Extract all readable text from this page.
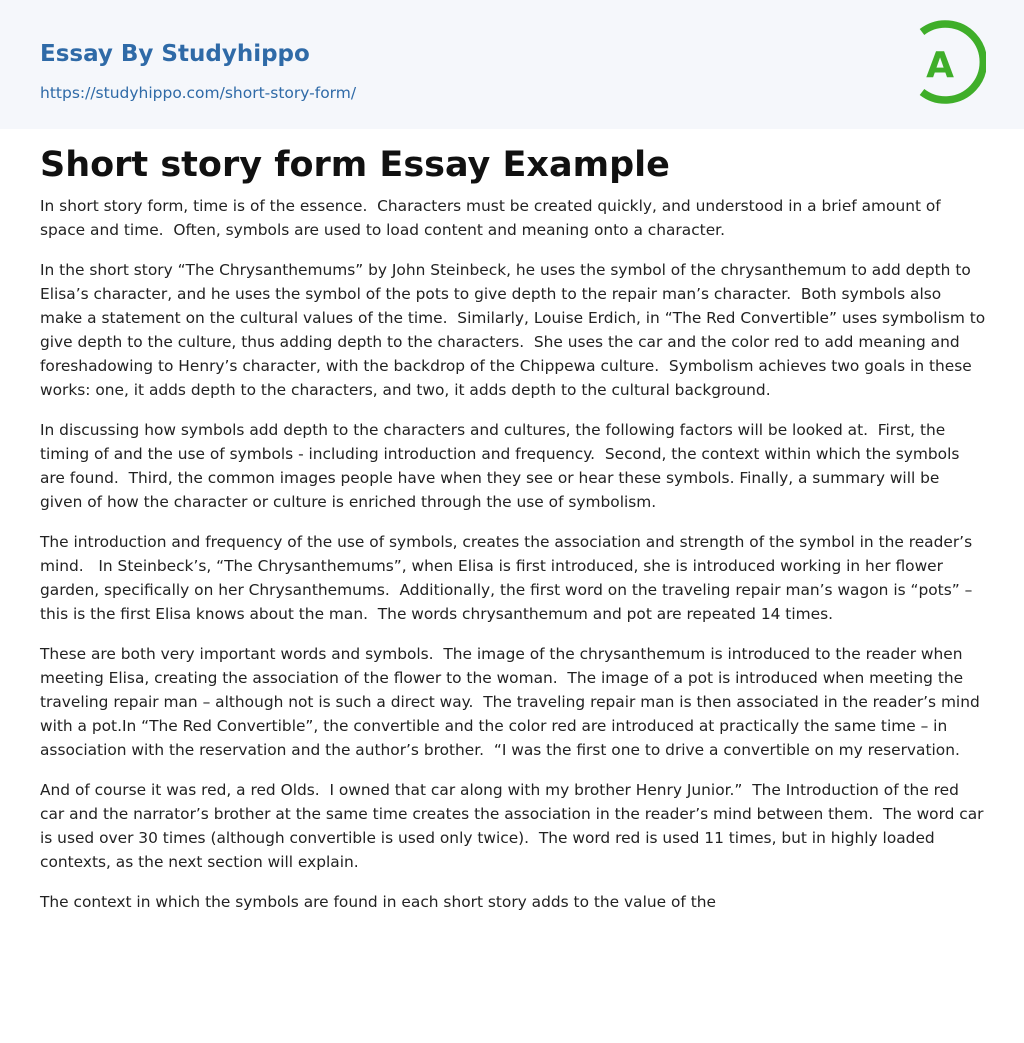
Essay By Studyhippo
https://studyhippo.com/short-story-form/
A
Short story form Essay Example

In short story form, time is of the essence.  Characters must be created quickly, and understood in a brief amount of space and time.  Often, symbols are used to load content and meaning onto a character.

In the short story “The Chrysanthemums” by John Steinbeck, he uses the symbol of the chrysanthemum to add depth to Elisa’s character, and he uses the symbol of the pots to give depth to the repair man’s character.  Both symbols also make a statement on the cultural values of the time.  Similarly, Louise Erdich, in “The Red Convertible” uses symbolism to give depth to the culture, thus adding depth to the characters.  She uses the car and the color red to add meaning and foreshadowing to Henry’s character, with the backdrop of the Chippewa culture.  Symbolism achieves two goals in these works: one, it adds depth to the characters, and two, it adds depth to the cultural background.

In discussing how symbols add depth to the characters and cultures, the following factors will be looked at.  First, the timing of and the use of symbols - including introduction and frequency.  Second, the context within which the symbols are found.  Third, the common images people have when they see or hear these symbols. Finally, a summary will be given of how the character or culture is enriched through the use of symbolism.

The introduction and frequency of the use of symbols, creates the association and strength of the symbol in the reader’s mind.   In Steinbeck’s, “The Chrysanthemums”, when Elisa is first introduced, she is introduced working in her flower garden, specifically on her Chrysanthemums.  Additionally, the first word on the traveling repair man’s wagon is “pots” – this is the first Elisa knows about the man.  The words chrysanthemum and pot are repeated 14 times.

These are both very important words and symbols.  The image of the chrysanthemum is introduced to the reader when meeting Elisa, creating the association of the flower to the woman.  The image of a pot is introduced when meeting the traveling repair man – although not is such a direct way.  The traveling repair man is then associated in the reader’s mind with a pot.In “The Red Convertible”, the convertible and the color red are introduced at practically the same time – in association with the reservation and the author’s brother.  “I was the first one to drive a convertible on my reservation.

And of course it was red, a red Olds.  I owned that car along with my brother Henry Junior.”  The Introduction of the red car and the narrator’s brother at the same time creates the association in the reader’s mind between them.  The word car is used over 30 times (although convertible is used only twice).  The word red is used 11 times, but in highly loaded contexts, as the next section will explain.

The context in which the symbols are found in each short story adds to the value of the
